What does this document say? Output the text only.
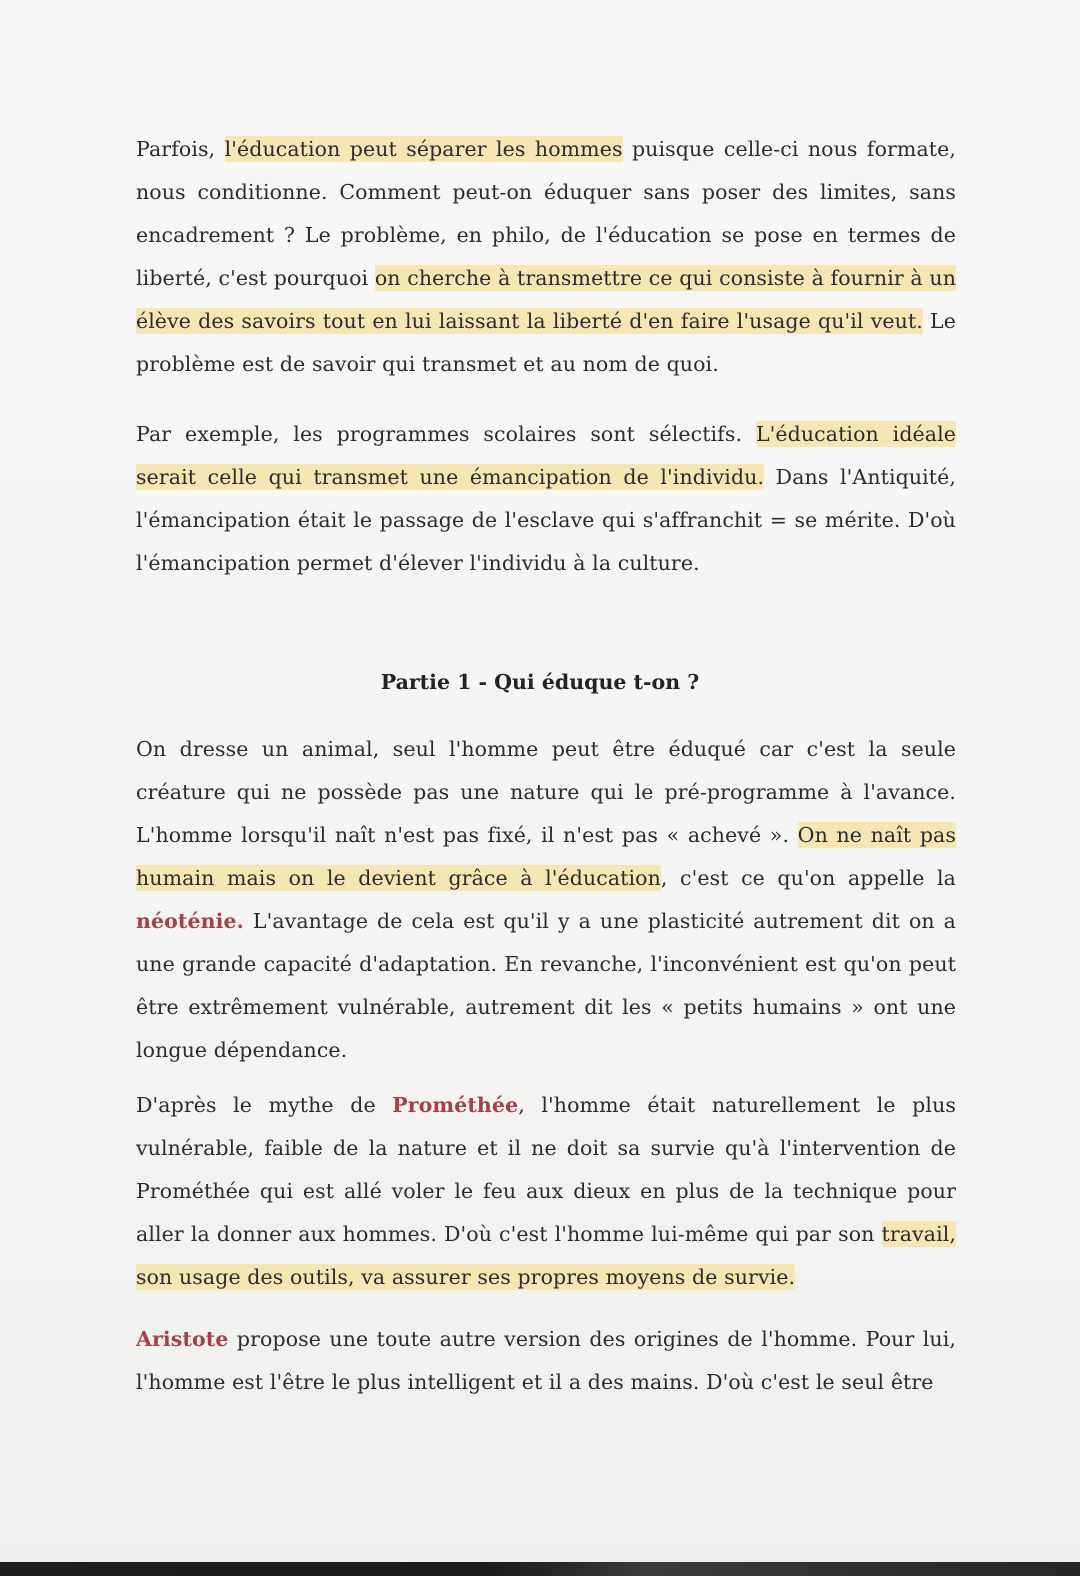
Parfois, l'éducation peut séparer les hommes puisque celle-ci nous formate, nous conditionne. Comment peut-on éduquer sans poser des limites, sans encadrement ? Le problème, en philo, de l'éducation se pose en termes de liberté, c'est pourquoi on cherche à transmettre ce qui consiste à fournir à un élève des savoirs tout en lui laissant la liberté d'en faire l'usage qu'il veut. Le problème est de savoir qui transmet et au nom de quoi.

Par exemple, les programmes scolaires sont sélectifs. L'éducation idéale serait celle qui transmet une émancipation de l'individu. Dans l'Antiquité, l'émancipation était le passage de l'esclave qui s'affranchit = se mérite. D'où l'émancipation permet d'élever l'individu à la culture.

Partie 1 - Qui éduque t-on ?

On dresse un animal, seul l'homme peut être éduqué car c'est la seule créature qui ne possède pas une nature qui le pré-programme à l'avance. L'homme lorsqu'il naît n'est pas fixé, il n'est pas « achevé ». On ne naît pas humain mais on le devient grâce à l'éducation, c'est ce qu'on appelle la néoténie. L'avantage de cela est qu'il y a une plasticité autrement dit on a une grande capacité d'adaptation. En revanche, l'inconvénient est qu'on peut être extrêmement vulnérable, autrement dit les « petits humains » ont une longue dépendance.

D'après le mythe de Prométhée, l'homme était naturellement le plus vulnérable, faible de la nature et il ne doit sa survie qu'à l'intervention de Prométhée qui est allé voler le feu aux dieux en plus de la technique pour aller la donner aux hommes. D'où c'est l'homme lui-même qui par son travail, son usage des outils, va assurer ses propres moyens de survie.

Aristote propose une toute autre version des origines de l'homme. Pour lui, l'homme est l'être le plus intelligent et il a des mains. D'où c'est le seul être
